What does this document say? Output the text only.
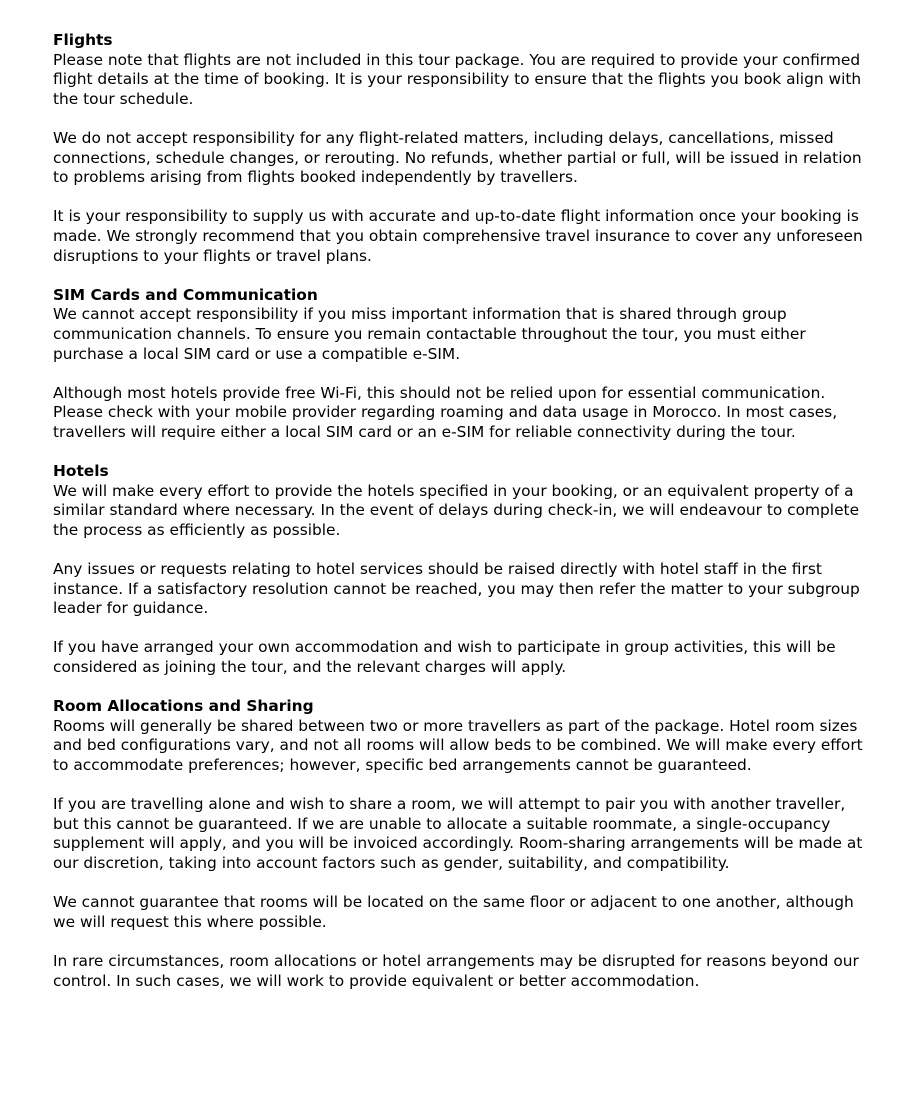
Flights

Please note that flights are not included in this tour package. You are required to provide your confirmed flight details at the time of booking. It is your responsibility to ensure that the flights you book align with the tour schedule.

We do not accept responsibility for any flight-related matters, including delays, cancellations, missed connections, schedule changes, or rerouting. No refunds, whether partial or full, will be issued in relation to problems arising from flights booked independently by travellers.

It is your responsibility to supply us with accurate and up-to-date flight information once your booking is made. We strongly recommend that you obtain comprehensive travel insurance to cover any unforeseen disruptions to your flights or travel plans.

SIM Cards and Communication

We cannot accept responsibility if you miss important information that is shared through group communication channels. To ensure you remain contactable throughout the tour, you must either purchase a local SIM card or use a compatible e-SIM.

Although most hotels provide free Wi-Fi, this should not be relied upon for essential communication. Please check with your mobile provider regarding roaming and data usage in Morocco. In most cases, travellers will require either a local SIM card or an e-SIM for reliable connectivity during the tour.

Hotels

We will make every effort to provide the hotels specified in your booking, or an equivalent property of a similar standard where necessary. In the event of delays during check-in, we will endeavour to complete the process as efficiently as possible.

Any issues or requests relating to hotel services should be raised directly with hotel staff in the first instance. If a satisfactory resolution cannot be reached, you may then refer the matter to your subgroup leader for guidance.

If you have arranged your own accommodation and wish to participate in group activities, this will be considered as joining the tour, and the relevant charges will apply.

Room Allocations and Sharing

Rooms will generally be shared between two or more travellers as part of the package. Hotel room sizes and bed configurations vary, and not all rooms will allow beds to be combined. We will make every effort to accommodate preferences; however, specific bed arrangements cannot be guaranteed.

If you are travelling alone and wish to share a room, we will attempt to pair you with another traveller, but this cannot be guaranteed. If we are unable to allocate a suitable roommate, a single-occupancy supplement will apply, and you will be invoiced accordingly. Room-sharing arrangements will be made at our discretion, taking into account factors such as gender, suitability, and compatibility.

We cannot guarantee that rooms will be located on the same floor or adjacent to one another, although we will request this where possible.

In rare circumstances, room allocations or hotel arrangements may be disrupted for reasons beyond our control. In such cases, we will work to provide equivalent or better accommodation.
